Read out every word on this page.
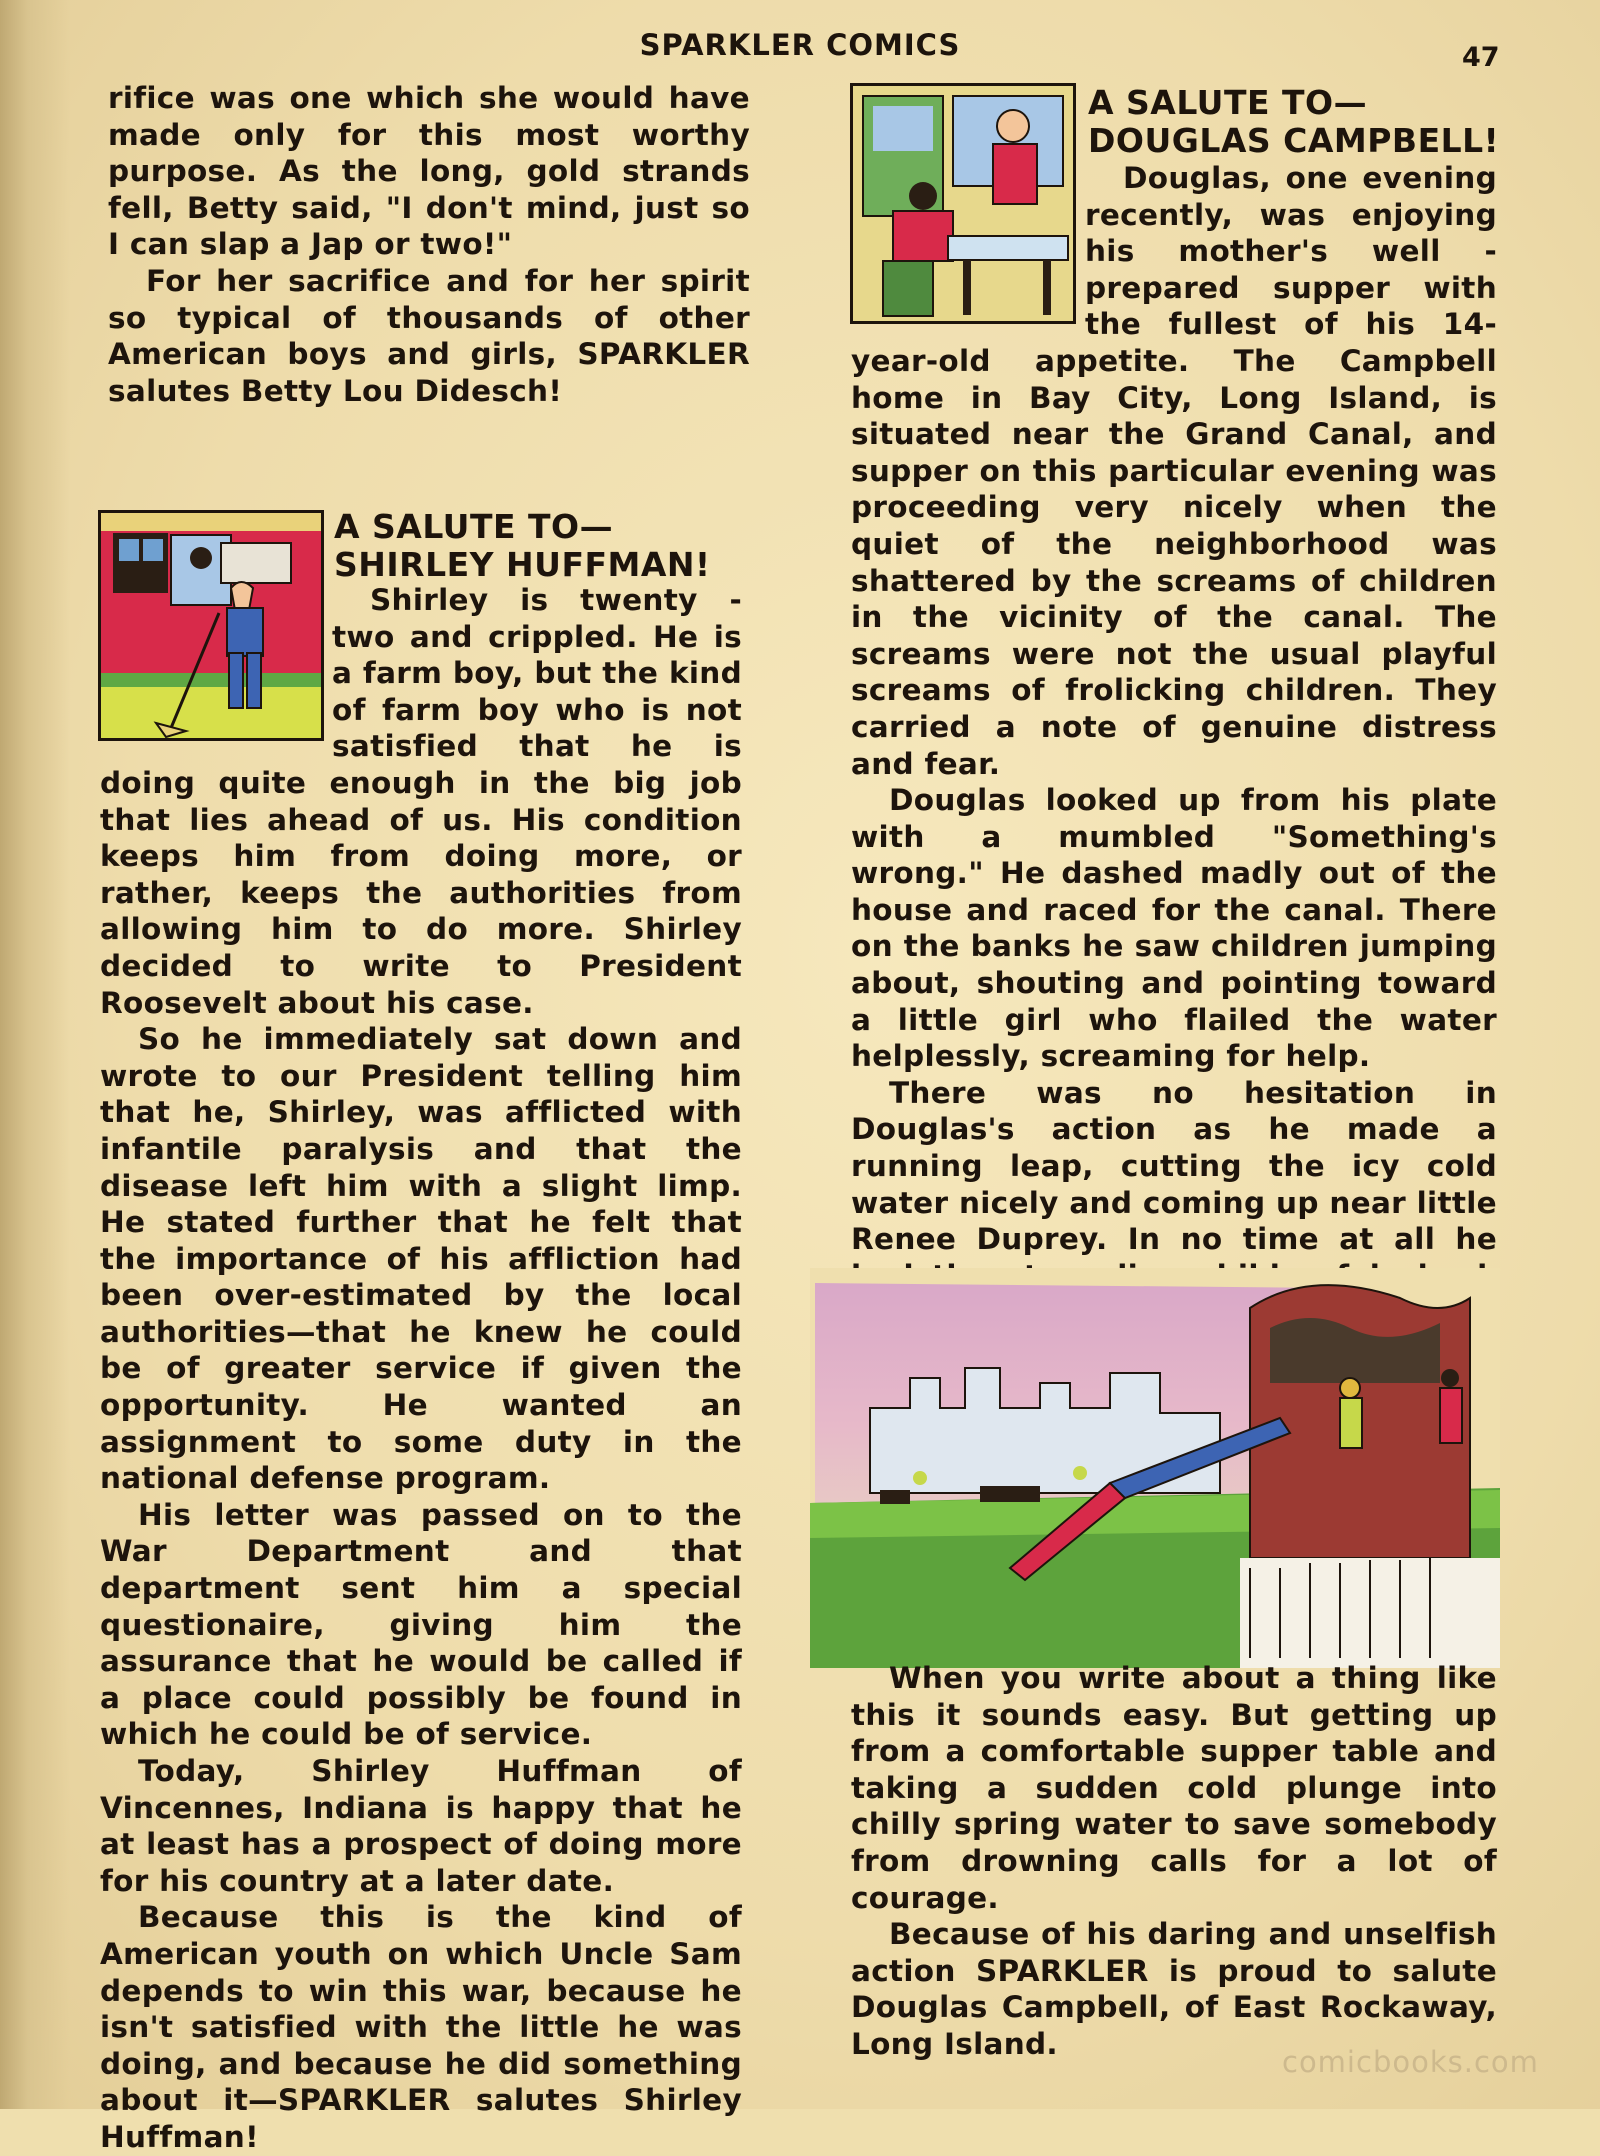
SPARKLER COMICS	47

rifice was one which she would have made only for this most worthy purpose. As the long, gold strands fell, Betty said, "I don't mind, just so I can slap a Jap or two!"

For her sacrifice and for her spirit so typical of thousands of other American boys and girls, SPARKLER salutes Betty Lou Didesch!

A SALUTE TO—
SHIRLEY HUFFMAN!

Shirley is twenty - two and crippled. He is a farm boy, but the kind of farm boy who is not satisfied that he is doing quite enough in the big job that lies ahead of us. His condition keeps him from doing more, or rather, keeps the authorities from allowing him to do more. Shirley decided to write to President Roosevelt about his case.

So he immediately sat down and wrote to our President telling him that he, Shirley, was afflicted with infantile paralysis and that the disease left him with a slight limp. He stated further that he felt that the importance of his affliction had been over-estimated by the local authorities—that he knew he could be of greater service if given the opportunity. He wanted an assignment to some duty in the national defense program.

His letter was passed on to the War Department and that department sent him a special questionaire, giving him the assurance that he would be called if a place could possibly be found in which he could be of service.

Today, Shirley Huffman of Vincennes, Indiana is happy that he at least has a prospect of doing more for his country at a later date.

Because this is the kind of American youth on which Uncle Sam depends to win this war, because he isn't satisfied with the little he was doing, and because he did something about it—SPARKLER salutes Shirley Huffman!

A SALUTE TO—
DOUGLAS CAMPBELL!

Douglas, one evening recently, was enjoying his mother's well - prepared supper with the fullest of his 14-year-old appetite. The Campbell home in Bay City, Long Island, is situated near the Grand Canal, and supper on this particular evening was proceeding very nicely when the quiet of the neighborhood was shattered by the screams of children in the vicinity of the canal. The screams were not the usual playful screams of frolicking children. They carried a note of genuine distress and fear.

Douglas looked up from his plate with a mumbled "Something's wrong." He dashed madly out of the house and raced for the canal. There on the banks he saw children jumping about, shouting and pointing toward a little girl who flailed the water helplessly, screaming for help.

There was no hesitation in Douglas's action as he made a running leap, cutting the icy cold water nicely and coming up near little Renee Duprey. In no time at all he

When you write about a thing like this it sounds easy. But getting up from a comfortable supper table and taking a sudden cold plunge into chilly spring water to save somebody from drowning calls for a lot of courage.

Because of his daring and unselfish action SPARKLER is proud to salute Douglas Campbell, of East Rockaway, Long Island.

comicbooks.com
